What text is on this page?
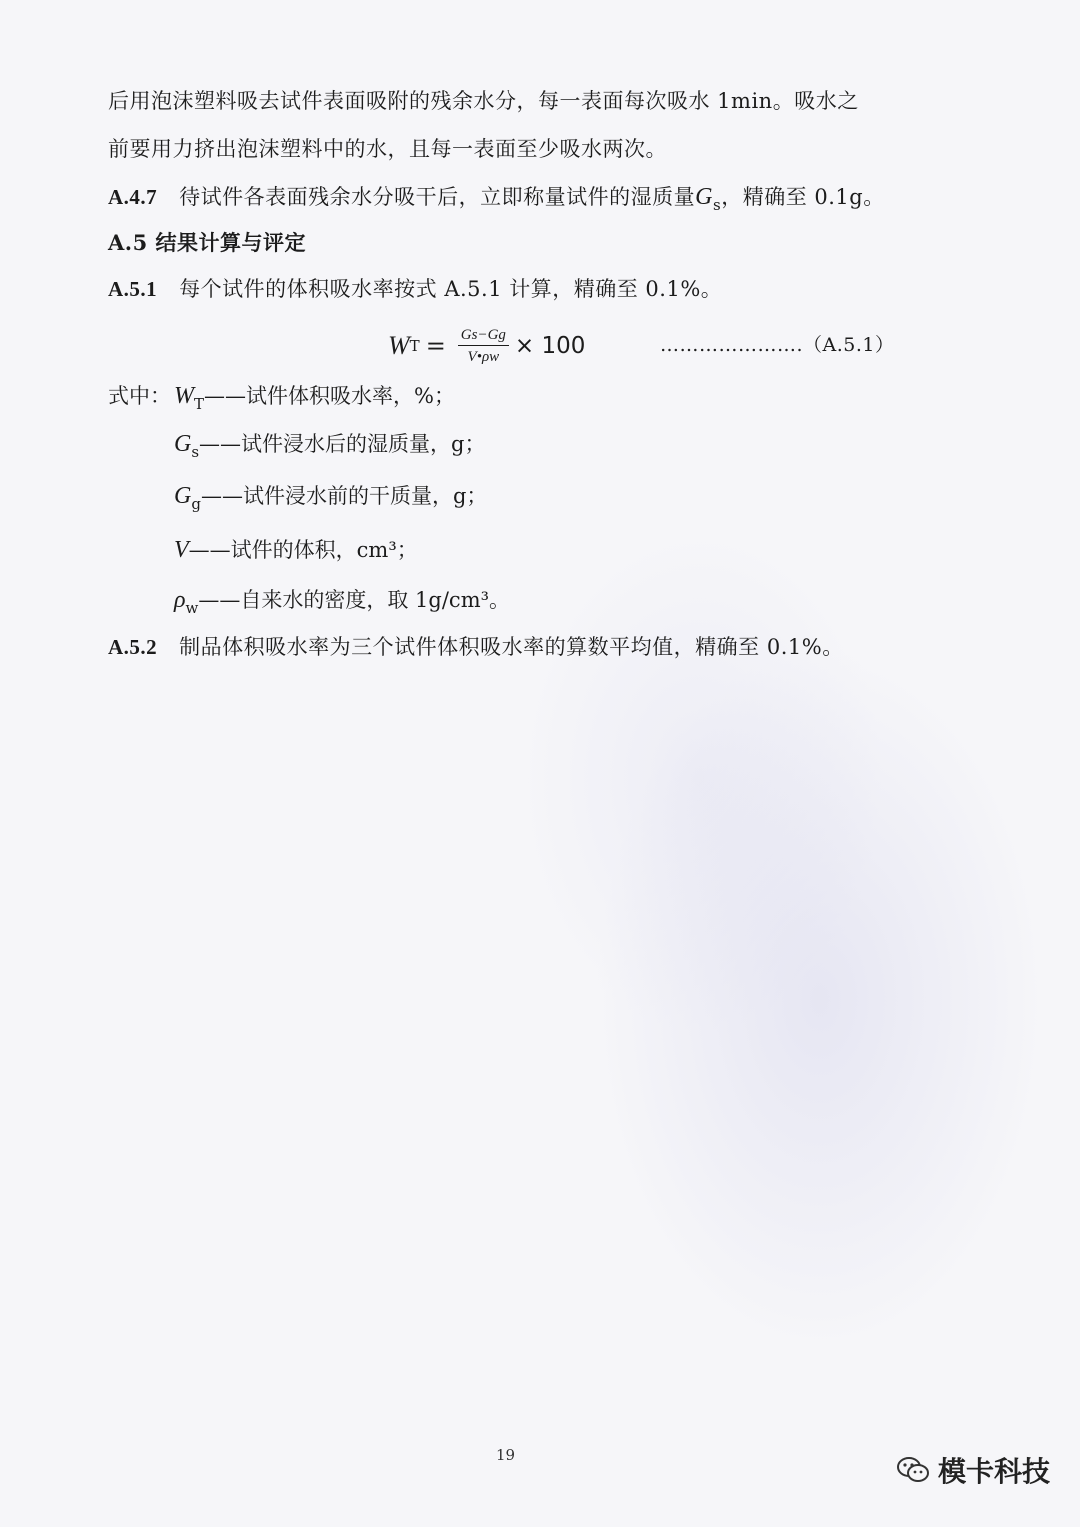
后用泡沫塑料吸去试件表面吸附的残余水分，每一表面每次吸水 1min。吸水之
前要用力挤出泡沫塑料中的水，且每一表面至少吸水两次。
A.4.7 待试件各表面残余水分吸干后，立即称量试件的湿质量$G_s$，精确至 0.1g。
A.5 结果计算与评定
A.5.1 每个试件的体积吸水率按式 A.5.1 计算，精确至 0.1%。
W $T = \frac{Gs-Gg}{V•\rho w} \times 100$	………………….（A.5.1）
式中： $W_T——$试件体积吸水率，%；
$G_s——$试件浸水后的湿质量，g；
$G_g——$试件浸水前的干质量，g；
V——试件的体积，cm³；
$\rho_w——$自来水的密度，取 1g/cm³。
A.5.2 制品体积吸水率为三个试件体积吸水率的算数平均值，精确至 0.1%。
19	模卡科技
